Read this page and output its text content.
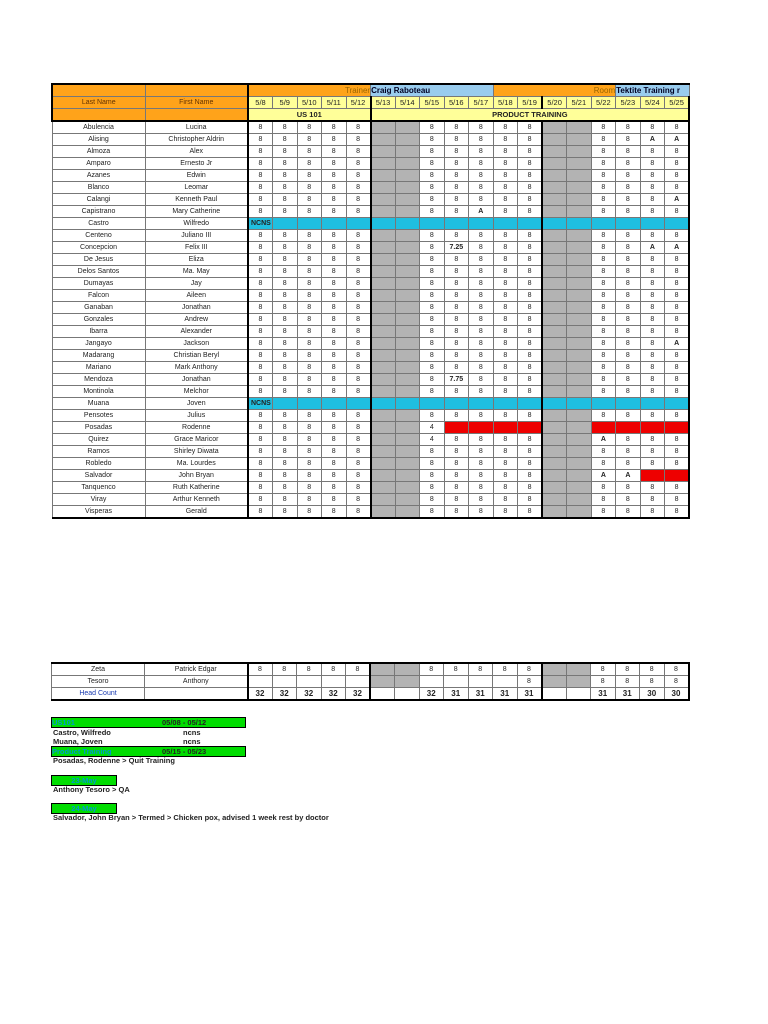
		Trainer					Craig Raboteau					Room					Tektite Training r		
Last Name	First Name	5/8	5/9	5/10	5/11	5/12	5/13	5/14	5/15	5/16	5/17	5/18	5/19	5/20	5/21	5/22	5/23	5/24	5/25
		US 101					PRODUCT TRAINING												
Abulencia	Lucina	8	8	8	8	8			8	8	8	8	8			8	8	8	8
Alising	Christopher Aldrin	8	8	8	8	8			8	8	8	8	8			8	8	A	A
Almoza	Alex	8	8	8	8	8			8	8	8	8	8			8	8	8	8
Amparo	Ernesto Jr	8	8	8	8	8			8	8	8	8	8			8	8	8	8
Azanes	Edwin	8	8	8	8	8			8	8	8	8	8			8	8	8	8
Blanco	Leomar	8	8	8	8	8			8	8	8	8	8			8	8	8	8
Calangi	Kenneth Paul	8	8	8	8	8			8	8	8	8	8			8	8	8	A
Capistrano	Mary Catherine	8	8	8	8	8			8	8	A	8	8			8	8	8	8
Castro	Wilfredo	NCNS																	
Centeno	Juliano III	8	8	8	8	8			8	8	8	8	8			8	8	8	8
Concepcion	Felix III	8	8	8	8	8			8	7.25	8	8	8			8	8	A	A
De Jesus	Eliza	8	8	8	8	8			8	8	8	8	8			8	8	8	8
Delos Santos	Ma. May	8	8	8	8	8			8	8	8	8	8			8	8	8	8
Dumayas	Jay	8	8	8	8	8			8	8	8	8	8			8	8	8	8
Falcon	Aileen	8	8	8	8	8			8	8	8	8	8			8	8	8	8
Ganaban	Jonathan	8	8	8	8	8			8	8	8	8	8			8	8	8	8
Gonzales	Andrew	8	8	8	8	8			8	8	8	8	8			8	8	8	8
Ibarra	Alexander	8	8	8	8	8			8	8	8	8	8			8	8	8	8
Jangayo	Jackson	8	8	8	8	8			8	8	8	8	8			8	8	8	A
Madarang	Christian Beryl	8	8	8	8	8			8	8	8	8	8			8	8	8	8
Mariano	Mark Anthony	8	8	8	8	8			8	8	8	8	8			8	8	8	8
Mendoza	Jonathan	8	8	8	8	8			8	7.75	8	8	8			8	8	8	8
Montinola	Melchor	8	8	8	8	8			8	8	8	8	8			8	8	8	8
Muana	Joven	NCNS																	
Pensotes	Julius	8	8	8	8	8			8	8	8	8	8			8	8	8	8
Posadas	Rodenne	8	8	8	8	8			4										
Quirez	Grace Maricor	8	8	8	8	8			4	8	8	8	8			A	8	8	8
Ramos	Shirley Diwata	8	8	8	8	8			8	8	8	8	8			8	8	8	8
Robledo	Ma. Lourdes	8	8	8	8	8			8	8	8	8	8			8	8	8	8
Salvador	John Bryan	8	8	8	8	8			8	8	8	8	8			A	A		
Tanquenco	Ruth Katherine	8	8	8	8	8			8	8	8	8	8			8	8	8	8
Viray	Arthur Kenneth	8	8	8	8	8			8	8	8	8	8			8	8	8	8
Visperas	Gerald	8	8	8	8	8			8	8	8	8	8			8	8	8	8
Zeta	Patrick Edgar	8	8	8	8	8			8	8	8	8	8			8	8	8	8
Tesoro	Anthony												8			8	8	8	8
Head Count		32	32	32	32	32			32	31	31	31	31			31	31	30	30
US101	05/08 - 05/12
Castro, Wilfredo	ncns
Muana, Joven	ncns
Product Training	05/15 - 05/23
Posadas, Rodenne > Quit Training
23-May
Anthony Tesoro > QA
24-May
Salvador, John Bryan > Termed > Chicken pox, advised 1 week rest by doctor
